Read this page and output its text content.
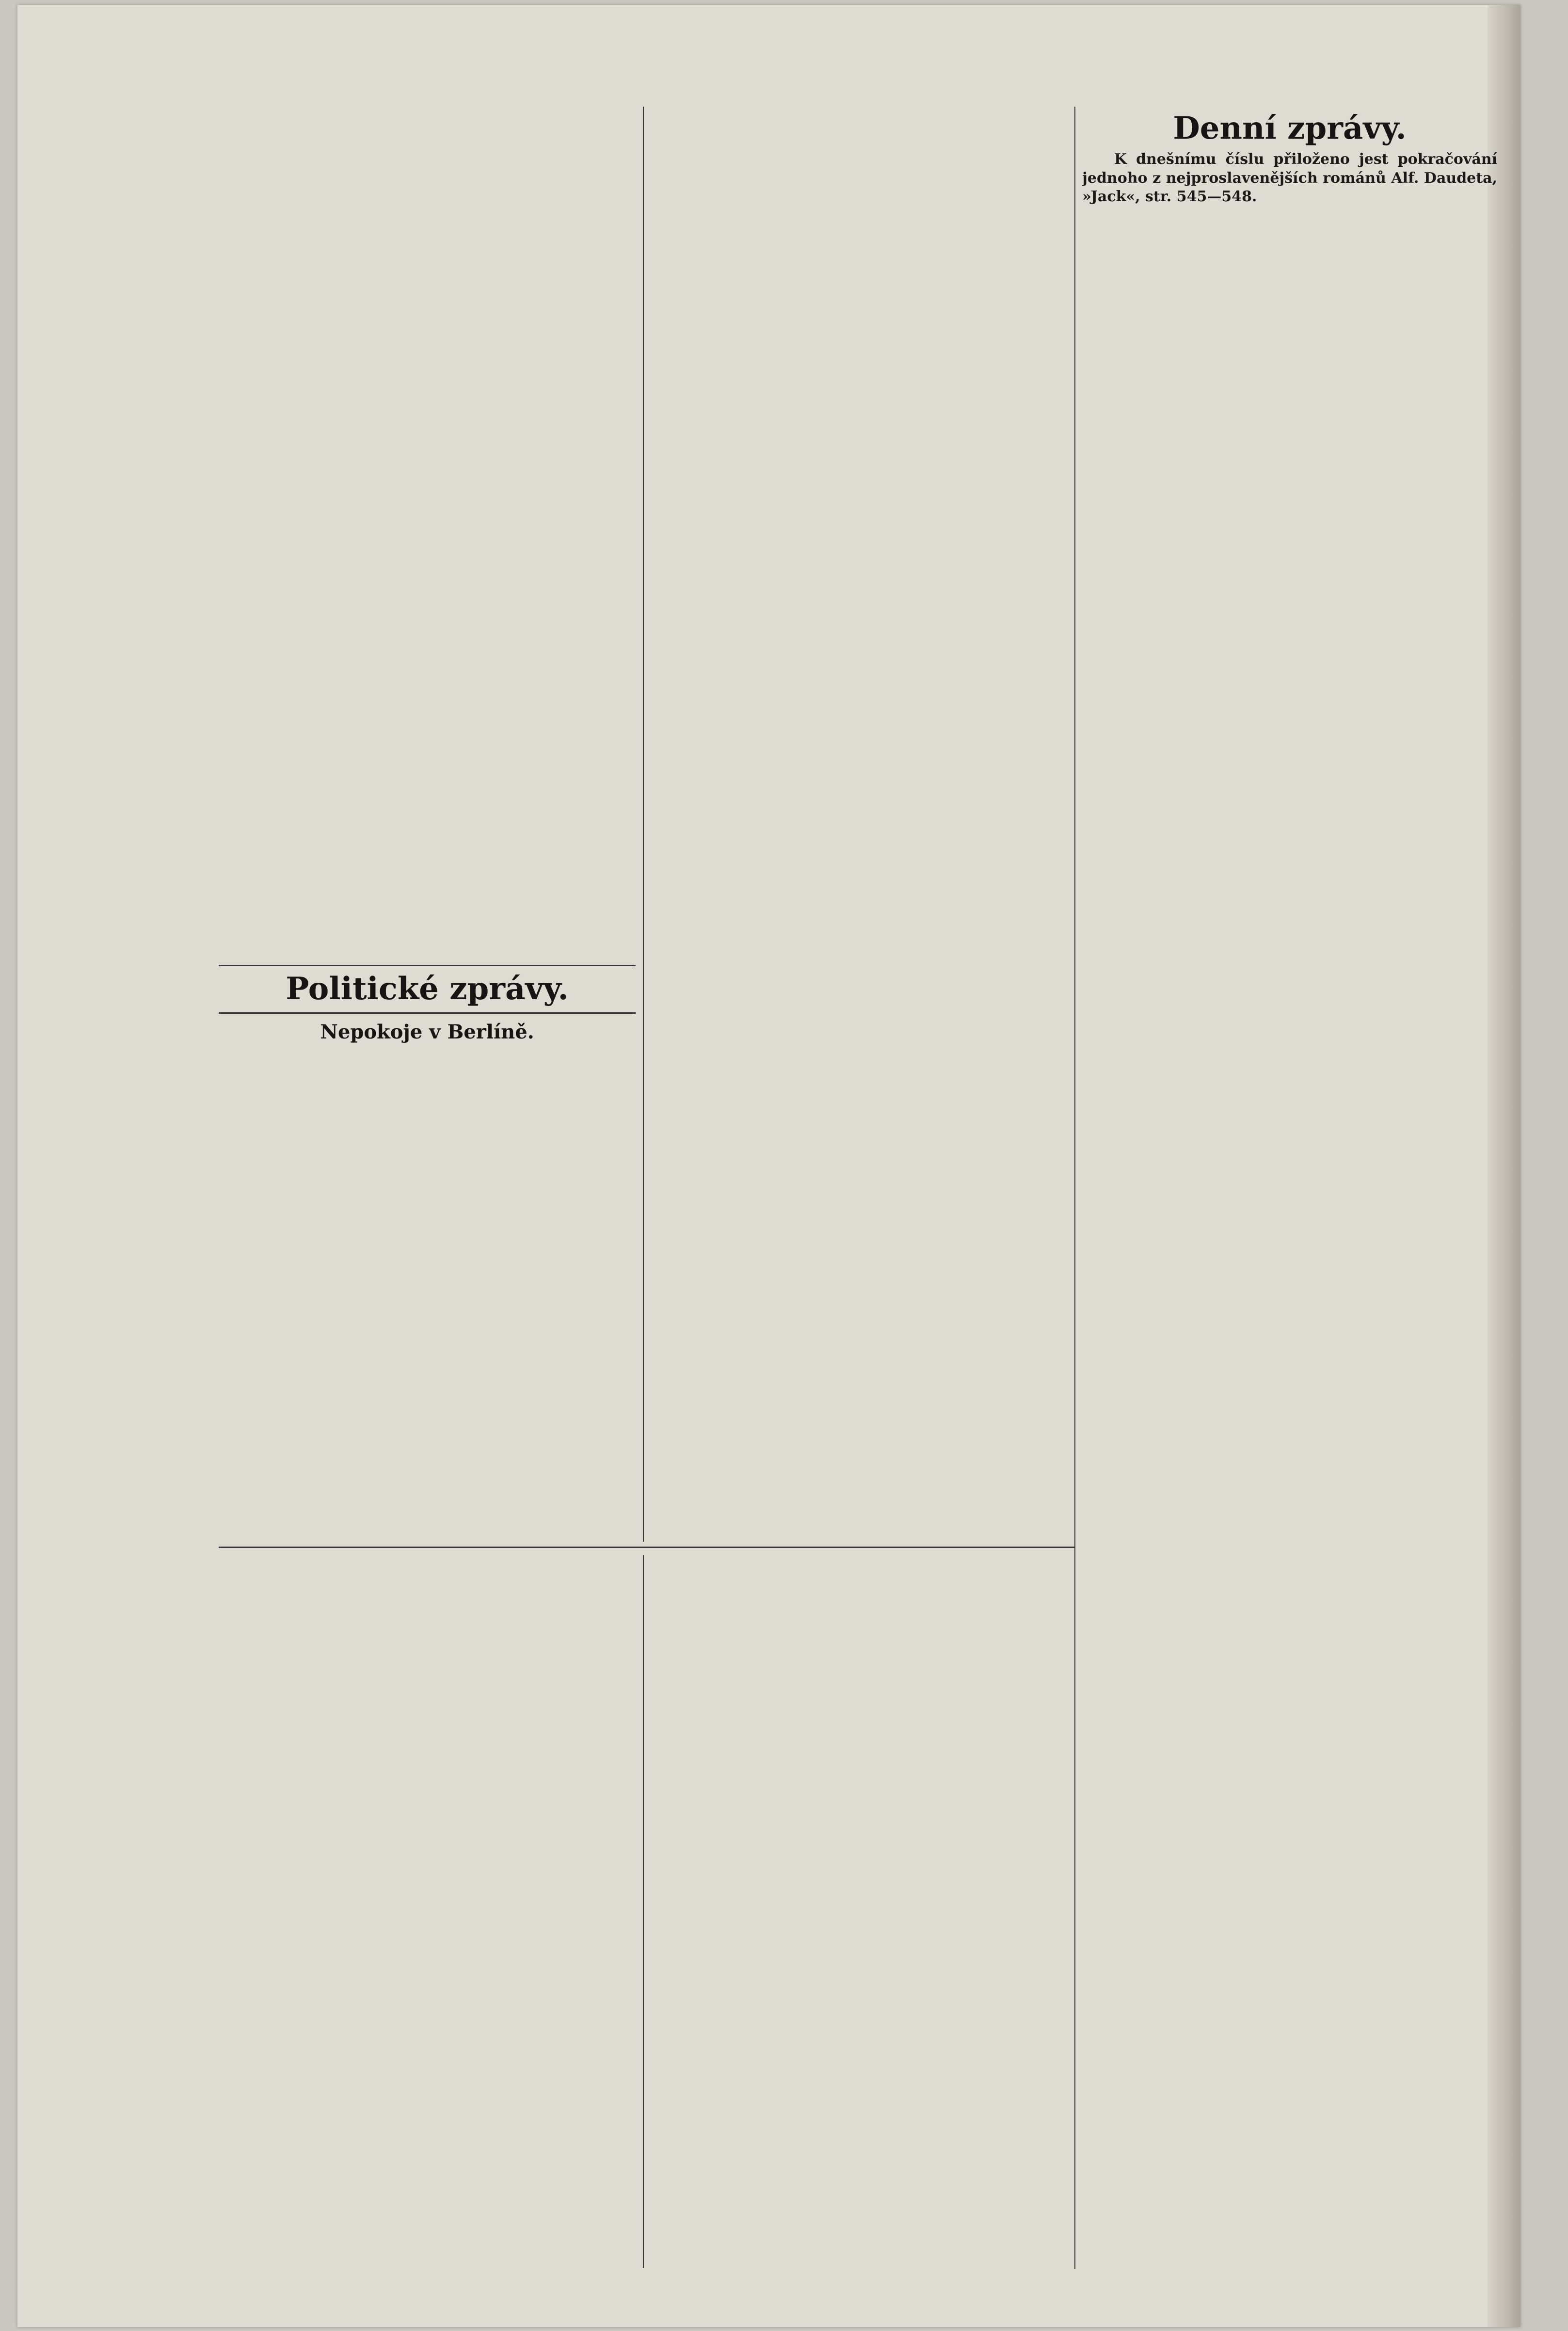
Politické zprávy.
Nepokoje v Berlíně.

Denní zprávy.

K dnešnímu číslu přiloženo jest pokračování jednoho z nejproslavenějších románů Alf. Daudeta, »Jack«, str. 545—548.
